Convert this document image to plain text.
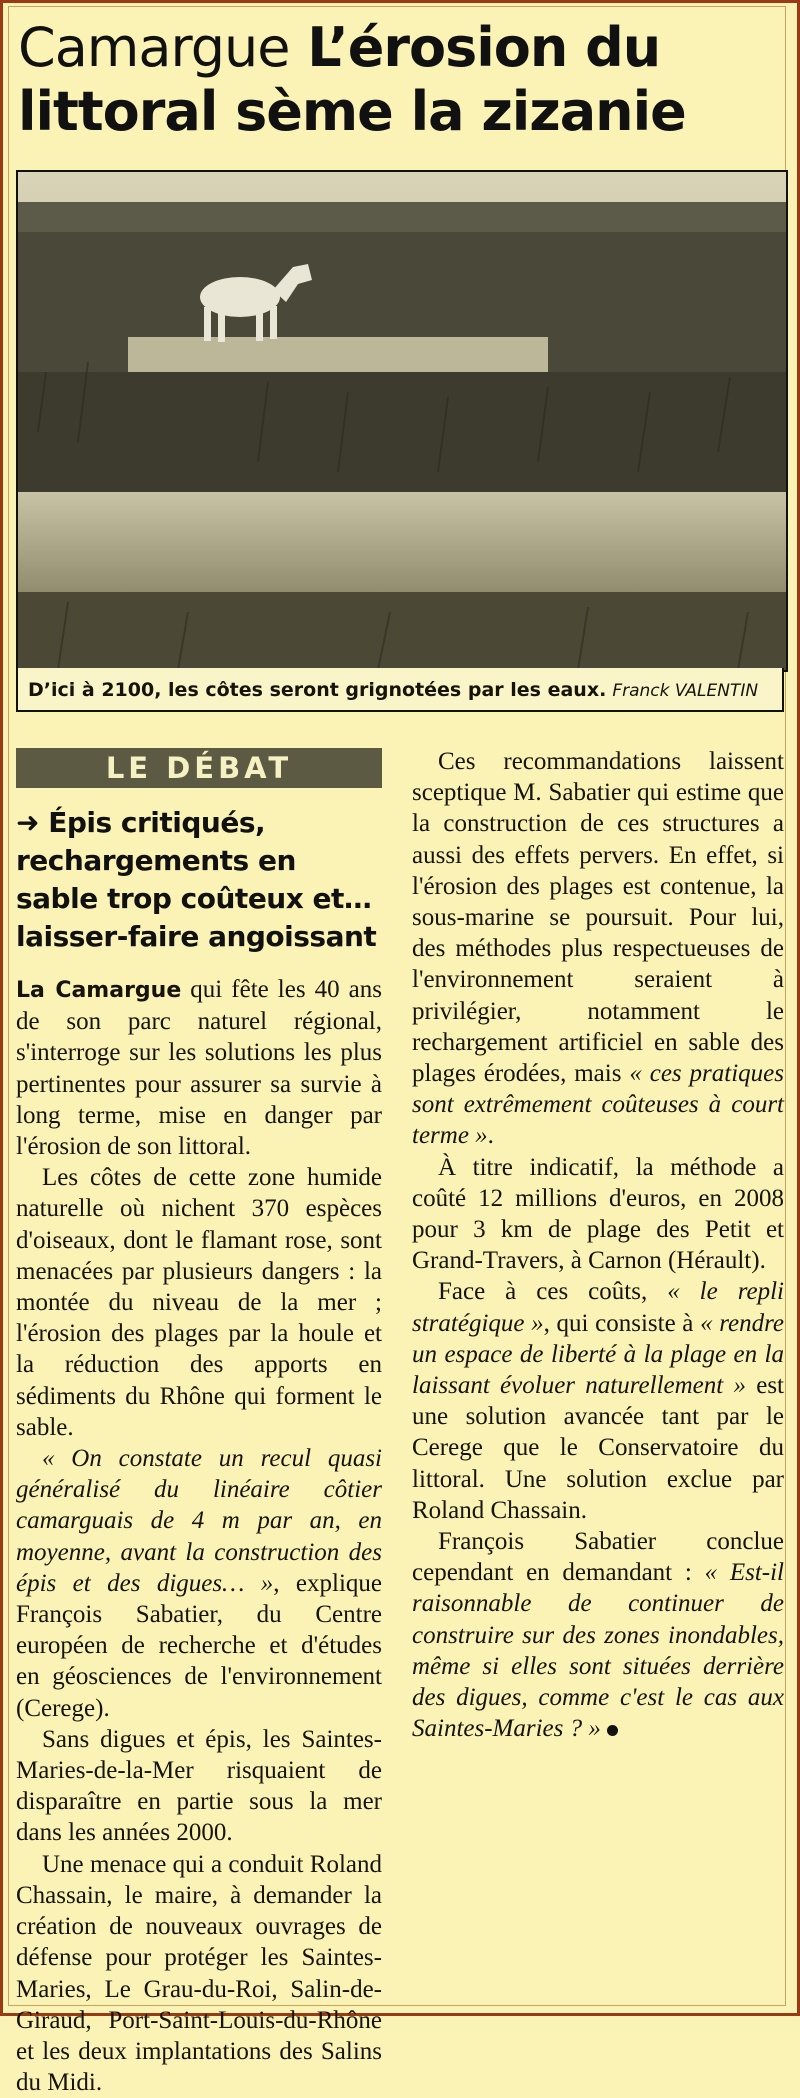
Camargue L’érosion du littoral sème la zizanie
D’ici à 2100, les côtes seront grignotées par les eaux. Franck VALENTIN
LE DÉBAT
➜ Épis critiqués, rechargements en sable trop coûteux et… laisser-faire angoissant

La Camargue qui fête les 40 ans de son parc naturel régional, s'interroge sur les solutions les plus pertinentes pour assurer sa survie à long terme, mise en danger par l'érosion de son littoral.

Les côtes de cette zone humide naturelle où nichent 370 espèces d'oiseaux, dont le flamant rose, sont menacées par plusieurs dangers : la montée du niveau de la mer ; l'érosion des plages par la houle et la réduction des apports en sédiments du Rhône qui forment le sable.

« On constate un recul quasi généralisé du linéaire côtier camarguais de 4 m par an, en moyenne, avant la construction des épis et des digues… », explique François Sabatier, du Centre européen de recherche et d'études en géosciences de l'environnement (Cerege).

Sans digues et épis, les Saintes-Maries-de-la-Mer risquaient de disparaître en partie sous la mer dans les années 2000.

Une menace qui a conduit Roland Chassain, le maire, à demander la création de nouveaux ouvrages de défense pour protéger les Saintes-Maries, Le Grau-du-Roi, Salin-de-Giraud, Port-Saint-Louis-du-Rhône et les deux implantations des Salins du Midi.

Ces recommandations laissent sceptique M. Sabatier qui estime que la construction de ces structures a aussi des effets pervers. En effet, si l'érosion des plages est contenue, la sous-marine se poursuit. Pour lui, des méthodes plus respectueuses de l'environnement seraient à privilégier, notamment le rechargement artificiel en sable des plages érodées, mais « ces pratiques sont extrêmement coûteuses à court terme ».

À titre indicatif, la méthode a coûté 12 millions d'euros, en 2008 pour 3 km de plage des Petit et Grand-Travers, à Carnon (Hérault).

Face à ces coûts, « le repli stratégique », qui consiste à « rendre un espace de liberté à la plage en la laissant évoluer naturellement » est une solution avancée tant par le Cerege que le Conservatoire du littoral. Une solution exclue par Roland Chassain.

François Sabatier conclue cependant en demandant : « Est-il raisonnable de continuer de construire sur des zones inondables, même si elles sont situées derrière des digues, comme c'est le cas aux Saintes-Maries ? »
